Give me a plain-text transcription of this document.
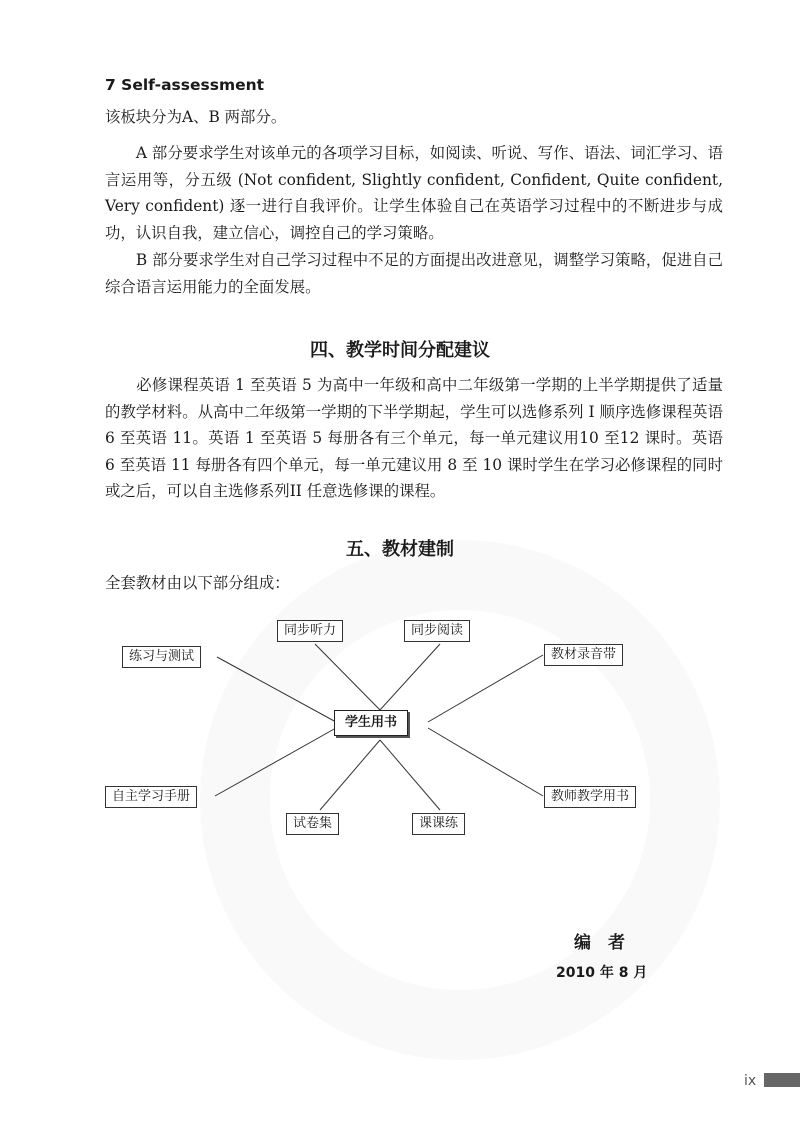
7 Self-assessment

该板块分为A、B 两部分。

　　A 部分要求学生对该单元的各项学习目标，如阅读、听说、写作、语法、词汇学习、语言运用等，分五级 (Not confident, Slightly confident, Confident, Quite confident, Very confident) 逐一进行自我评价。让学生体验自己在英语学习过程中的不断进步与成功，认识自我，建立信心，调控自己的学习策略。

　　B 部分要求学生对自己学习过程中不足的方面提出改进意见，调整学习策略，促进自己综合语言运用能力的全面发展。

四、教学时间分配建议

　　必修课程英语 1 至英语 5 为高中一年级和高中二年级第一学期的上半学期提供了适量的教学材料。从高中二年级第一学期的下半学期起，学生可以选修系列 I 顺序选修课程英语6 至英语 11。英语 1 至英语 5 每册各有三个单元，每一单元建议用10 至12 课时。英语 6 至英语 11 每册各有四个单元，每一单元建议用 8 至 10 课时学生在学习必修课程的同时或之后，可以自主选修系列II 任意选修课的课程。

五、教材建制

全套教材由以下部分组成：

练习与测试
同步听力	同步阅读
教材录音带
学生用书
自主学习手册
试卷集	课课练
教师教学用书
编　者
2010 年 8 月
ix
